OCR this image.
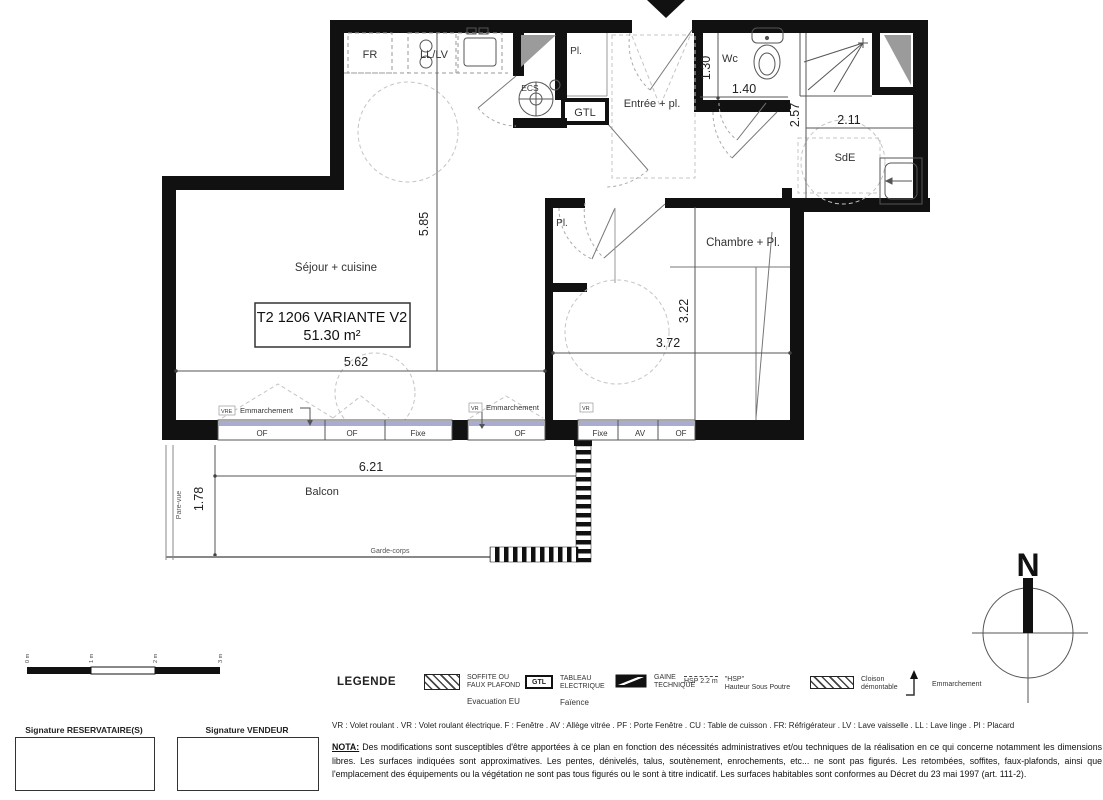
OF	OF	Fixe	OF	Fixe	AV	OF
VRE	VR	VR
Emmarchement	Emmarchement
5.62
5.85
3.72
3.22
1.30
1.40
2.57	2.11
6.21
1.78
Séjour + cuisine
Chambre + Pl.
Entrée + pl.
Wc
SdE
Pl.
Pl.
Balcon
FR	LL/LV
ECS
GTL
T2 1206 VARIANTE V2
51.30 m²
Pare-vue
Garde-corps	N
0 m	1 m	2 m	3 m
LEGENDE	SOFFITE OU
FAUX PLAFOND
Evacuation EU
GTL	TABLEAU
ELECTRIQUE
Faïence
GAINE
TECHNIQUE
HSP 2.2 m "HSP"
Hauteur Sous Poutre
Cloison
démontable	Emmarchement
VR : Volet roulant . VR : Volet roulant électrique. F : Fenêtre . AV : Allège vitrée . PF : Porte Fenêtre . CU : Table de cuisson . FR: Réfrigérateur . LV : Lave vaisselle . LL : Lave linge . Pl : Placard
NOTA: Des modifications sont susceptibles d'être apportées à ce plan en fonction des nécessités administratives et/ou techniques de la réalisation en ce qui concerne notamment les dimensions libres. Les surfaces indiquées sont approximatives. Les pentes, dénivelés, talus, soutènement, enrochements, etc... ne sont pas figurés. Les retombées, soffites, faux-plafonds, ainsi que l'emplacement des équipements ou la végétation ne sont pas tous figurés ou le sont à titre indicatif. Les surfaces habitables sont conformes au Décret du 23 mai 1997 (art. 111-2).
Signature RESERVATAIRE(S)	Signature VENDEUR
